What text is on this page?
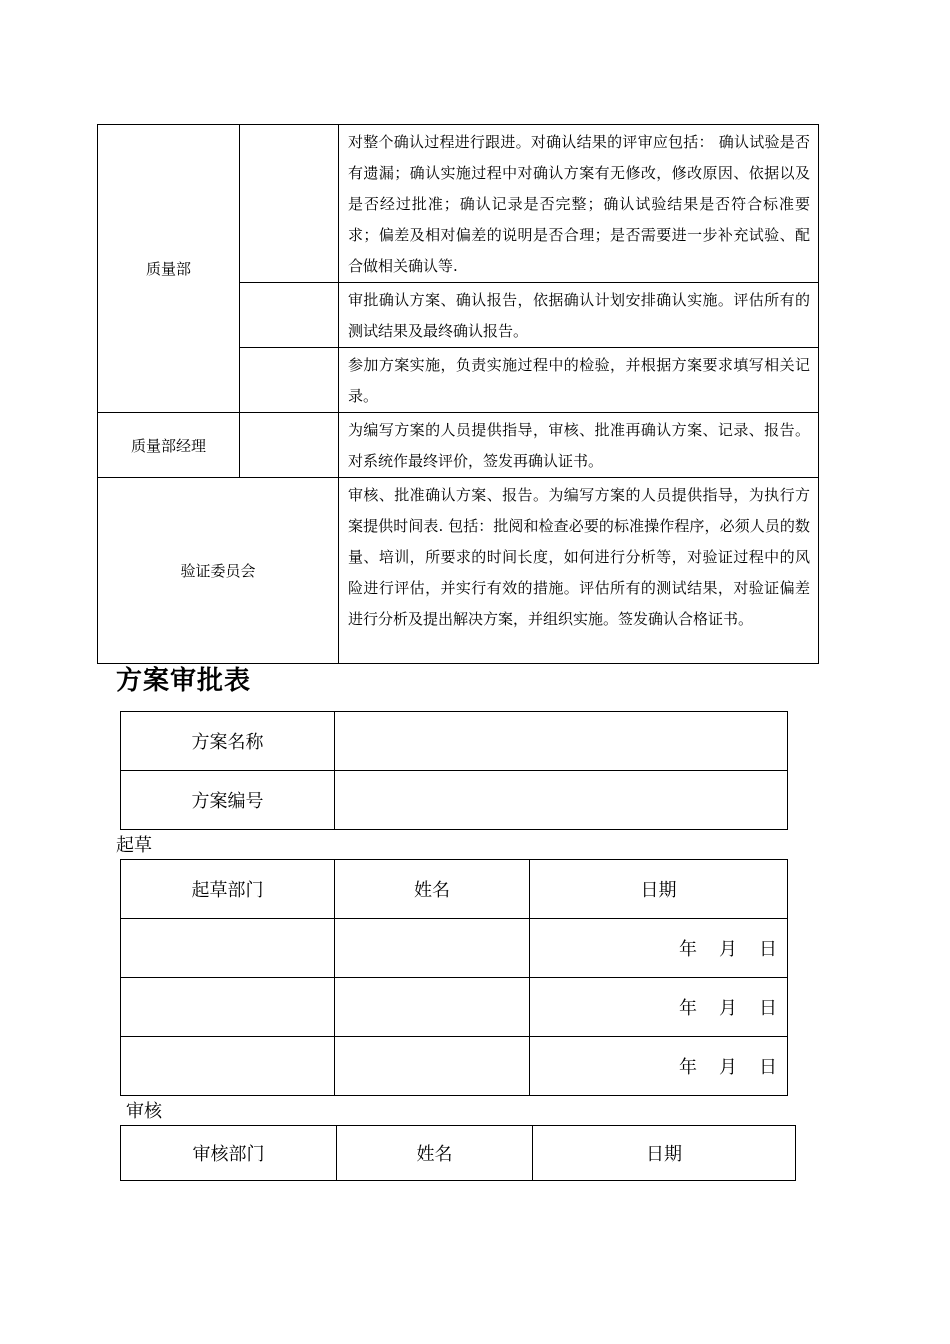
质量部		对整个确认过程进行跟进。对确认结果的评审应包括： 确认试验是否有遗漏；确认实施过程中对确认方案有无修改，修改原因、依据以及是否经过批准；确认记录是否完整；确认试验结果是否符合标准要求；偏差及相对偏差的说明是否合理；是否需要进一步补充试验、配合做相关确认等.
		审批确认方案、确认报告，依据确认计划安排确认实施。评估所有的测试结果及最终确认报告。
		参加方案实施，负责实施过程中的检验，并根据方案要求填写相关记录。
质量部经理		为编写方案的人员提供指导，审核、批准再确认方案、记录、报告。对系统作最终评价，签发再确认证书。
验证委员会		审核、批准确认方案、报告。为编写方案的人员提供指导，为执行方案提供时间表. 包括：批阅和检查必要的标准操作程序，必须人员的数量、培训，所要求的时间长度，如何进行分析等，对验证过程中的风险进行评估，并实行有效的措施。评估所有的测试结果，对验证偏差进行分析及提出解决方案，并组织实施。签发确认合格证书。
方案审批表
方案名称	
方案编号	
起草
起草部门	姓名	日期
		年 月 日
		年 月 日
		年 月 日
审核
审核部门	姓名	日期
